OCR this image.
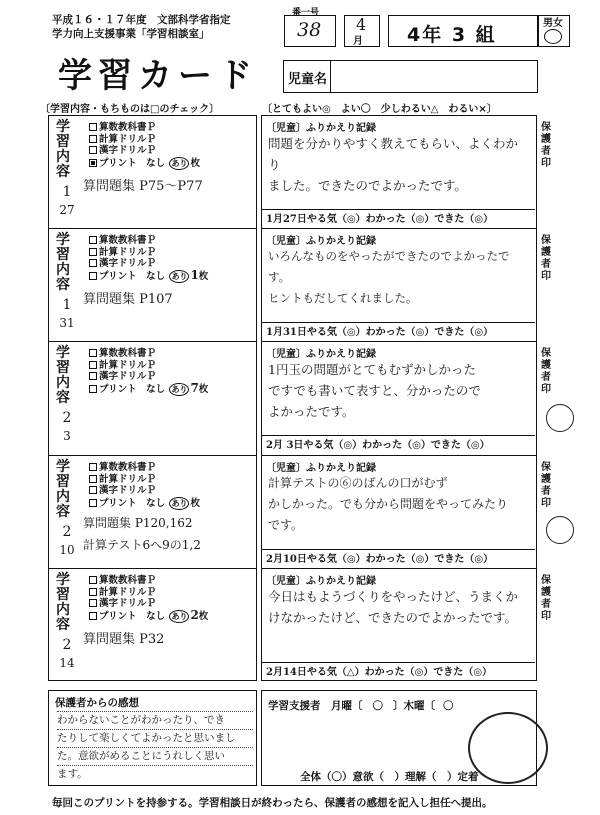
平成１６・１７年度　文部科学省指定
学力向上支援事業「学習相談室」
番一号
38 4
月 4年 3 組
男女
学習カード 児童名
〔学習内容・もちものは□のチェック〕	〔とてもよい◎　よい〇　少しわるい△　わるい×〕
学習内容
算数教科書Ｐ
計算ドリルＰ
漢字ドリルＰ
プリント　なし あり 枚
1
27
算問題集 P75〜P77
〔児童〕ふりかえり記録
問題を分かりやすく教えてもらい、よくわかり
ました。できたのでよかったです。
1月27日やる気（◎）わかった（◎）できた（◎）
保護者印
学習内容
算数教科書Ｐ
計算ドリルＰ
漢字ドリルＰ
プリント　なし あり 1枚
1
31
算問題集 P107
〔児童〕ふりかえり記録
いろんなものをやったができたのでよかったです。
ヒントもだしてくれました。
1月31日やる気（◎）わかった（◎）できた（◎）
保護者印
学習内容
算数教科書Ｐ
計算ドリルＰ
漢字ドリルＰ
プリント　なし あり 7枚
2
3
〔児童〕ふりかえり記録
1円玉の問題がとてもむずかしかった
ですでも書いて表すと、分かったので
よかったです。
2月 3日やる気（◎）わかった（◎）できた（◎）
保護者印
学習内容
算数教科書Ｐ
計算ドリルＰ
漢字ドリルＰ
プリント　なし あり 枚
2
10
算問題集 P120,162
計算テスト6へ9の1,2
〔児童〕ふりかえり記録
計算テストの⑥のばんの口がむず
かしかった。でも分から問題をやってみたり
です。
2月10日やる気（◎）わかった（◎）できた（◎）
保護者印
学習内容
算数教科書Ｐ
計算ドリルＰ
漢字ドリルＰ
プリント　なし あり 2枚
2
14
算問題集 P32
〔児童〕ふりかえり記録
今日はもようづくりをやったけど、うまくか
けなかったけど、できたのでよかったです。
2月14日やる気（△）わかった（◎）できた（◎）
保護者印
保護者からの感想
わからないことがわかったり、でき
たりして楽しくてよかったと思いまし
た。意欲がめることにうれしく思い
ます。
学習支援者　月曜〔 〇 〕木曜〔 〇
全体（〇）意欲（　）理解（　）定着
毎回このプリントを持参する。学習相談日が終わったら、保護者の感想を記入し担任へ提出。
